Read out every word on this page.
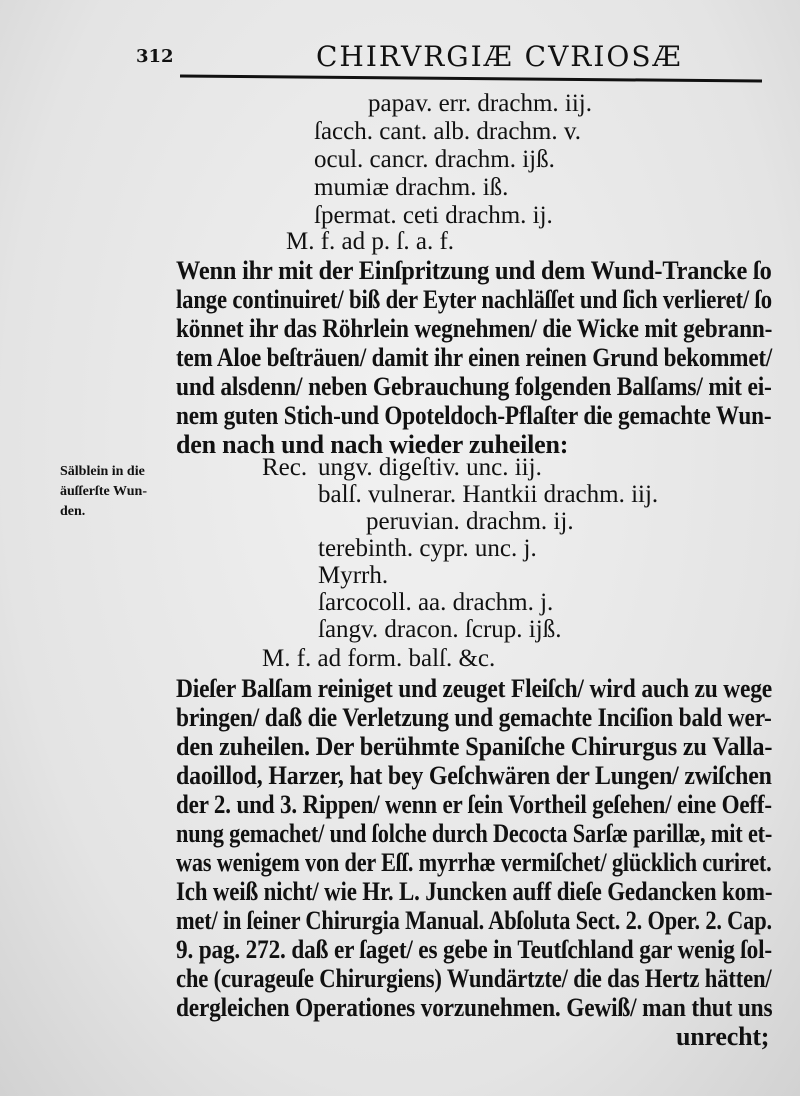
312	CHIRVRGIÆ CVRIOSÆ
papav. err. drachm. iij.
ſacch. cant. alb. drachm. v.
ocul. cancr. drachm. ijß.
mumiæ drachm. iß.
ſpermat. ceti drachm. ij.
M. f. ad p. ſ. a. f.
Wenn ihr mit der Einſpritzung und dem Wund-Trancke ſo
lange continuiret/ biß der Eyter nachläſſet und ſich verlieret/ ſo
könnet ihr das Röhrlein wegnehmen/ die Wicke mit gebrann-
tem Aloe beſträuen/ damit ihr einen reinen Grund bekommet/
und alsdenn/ neben Gebrauchung folgenden Balſams/ mit ei-
nem guten Stich-und Opoteldoch-Pflaſter die gemachte Wun-
den nach und nach wieder zuheilen:
Sälblein in die
äuſſerſte Wun-
den.
Rec. ungv. digeſtiv. unc. iij.
balſ. vulnerar. Hantkii drachm. iij.
peruvian. drachm. ij.
terebinth. cypr. unc. j.
Myrrh.
ſarcocoll. aa. drachm. j.
ſangv. dracon. ſcrup. ijß.
M. f. ad form. balſ. &c.
Dieſer Balſam reiniget und zeuget Fleiſch/ wird auch zu wege
bringen/ daß die Verletzung und gemachte Inciſion bald wer-
den zuheilen. Der berühmte Spaniſche Chirurgus zu Valla-
daoillod, Harzer, hat bey Geſchwären der Lungen/ zwiſchen
der 2. und 3. Rippen/ wenn er ſein Vortheil geſehen/ eine Oeff-
nung gemachet/ und ſolche durch Decocta Sarſæ parillæ, mit et-
was wenigem von der Eſſ. myrrhæ vermiſchet/ glücklich curiret.
Ich weiß nicht/ wie Hr. L. Juncken auff dieſe Gedancken kom-
met/ in ſeiner Chirurgia Manual. Abſoluta Sect. 2. Oper. 2. Cap.
9. pag. 272. daß er ſaget/ es gebe in Teutſchland gar wenig ſol-
che (curageuſe Chirurgiens) Wundärtzte/ die das Hertz hätten/
dergleichen Operationes vorzunehmen. Gewiß/ man thut uns
unrecht;
